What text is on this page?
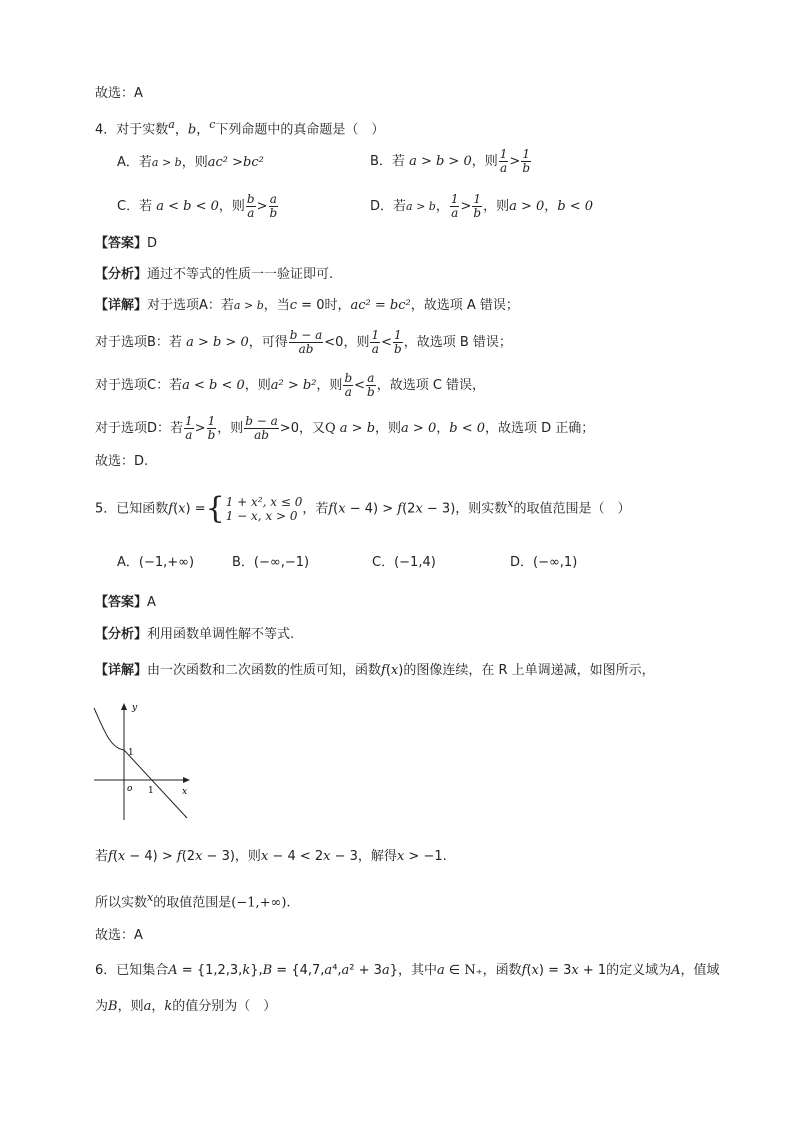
故选：A
4．对于实数$^a$，b，$^c$下列命题中的真命题是（　）
A．若a > b，则ac² >bc²	B．若 a > b > 0，则 $\frac{1}{a} > \frac{1}{b}$
C．若 a < b < 0，则 $\frac{b}{a} > \frac{a}{b}$	D．若a > b， $\frac{1}{a} > \frac{1}{b}$ ，则a > 0，b < 0
【答案】D
【分析】通过不等式的性质一一验证即可.
【详解】对于选项A：若a > b，当c = 0时，ac² = bc²，故选项 A 错误；
对于选项B：若 a > b > 0，可得 $\frac{b - a}{ab} <0$，则 $\frac{1}{a} < \frac{1}{b}$ ，故选项 B 错误；
对于选项C：若a < b < 0，则a² > b²，则 $\frac{b}{a} < \frac{a}{b}$ ，故选项 C 错误，
对于选项D：若 $\frac{1}{a} > \frac{1}{b}$ ，则 $\frac{b - a}{ab} >0$，又Q a > b，则a > 0，b < 0，故选项 D 正确；
故选：D.
5．已知函数f(x) ={1 + x², x ≤ 0
1 − x, x > 0 ，若f(x − 4) > f(2x − 3)，则实数$^x$的取值范围是（　）
A．(−1,+∞)	B．(−∞,−1)	C．(−1,4)	D．(−∞,1)
【答案】A
【分析】利用函数单调性解不等式.
【详解】由一次函数和二次函数的性质可知，函数f(x)的图像连续，在 R 上单调递减，如图所示，
y
x
o
1
1
若f(x − 4) > f(2x − 3)，则x − 4 < 2x − 3，解得x > −1.
所以实数$^x$的取值范围是(−1,+∞).
故选：A
6．已知集合A = {1,2,3,k},B = {4,7,a⁴,a² + 3a}，其中a ∈ N₊，函数f(x) = 3x + 1的定义域为A，值域
为B，则a，k的值分别为（　）
